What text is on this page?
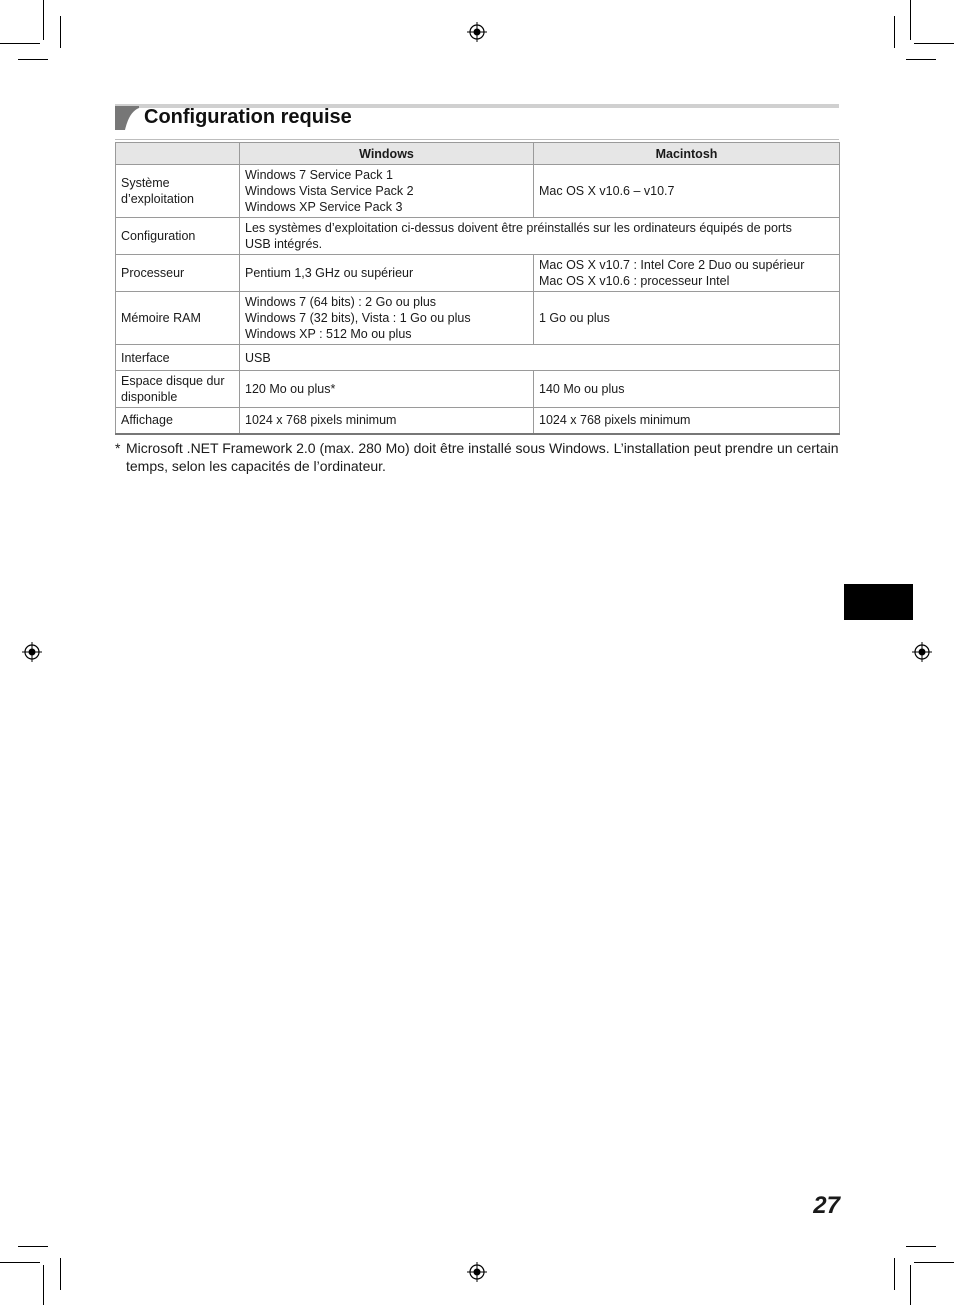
Configuration requise
	Windows	Macintosh

Système
d’exploitation	Windows 7 Service Pack 1
Windows Vista Service Pack 2
Windows XP Service Pack 3	Mac OS X v10.6 – v10.7

Configuration	Les systèmes d’exploitation ci-dessus doivent être préinstallés sur les ordinateurs équipés de ports
USB intégrés.	

Processeur	Pentium 1,3 GHz ou supérieur	Mac OS X v10.7 : Intel Core 2 Duo ou supérieur
Mac OS X v10.6 : processeur Intel

Mémoire RAM	Windows 7 (64 bits) : 2 Go ou plus
Windows 7 (32 bits), Vista : 1 Go ou plus
Windows XP : 512 Mo ou plus	1 Go ou plus

Interface	USB	

Espace disque dur
disponible	120 Mo ou plus*	140 Mo ou plus

Affichage	1024 x 768 pixels minimum	1024 x 768 pixels minimum
* Microsoft .NET Framework 2.0 (max. 280 Mo) doit être installé sous Windows. L’installation peut prendre un certain temps, selon les capacités de l’ordinateur.
27
